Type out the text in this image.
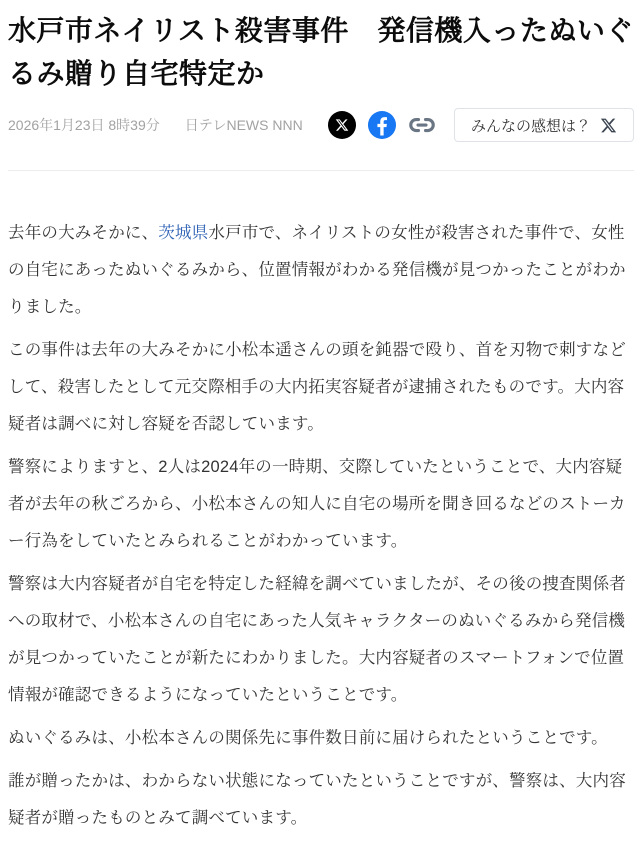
水戸市ネイリスト殺害事件　発信機入ったぬいぐるみ贈り自宅特定か
2026年1月23日 8時39分 日テレNEWS NNN	みんなの感想は？

去年の大みそかに、茨城県水戸市で、ネイリストの女性が殺害された事件で、女性の自宅にあったぬいぐるみから、位置情報がわかる発信機が見つかったことがわかりました。

この事件は去年の大みそかに小松本遥さんの頭を鈍器で殴り、首を刃物で刺すなどして、殺害したとして元交際相手の大内拓実容疑者が逮捕されたものです。大内容疑者は調べに対し容疑を否認しています。

警察によりますと、2人は2024年の一時期、交際していたということで、大内容疑者が去年の秋ごろから、小松本さんの知人に自宅の場所を聞き回るなどのストーカー行為をしていたとみられることがわかっています。

警察は大内容疑者が自宅を特定した経緯を調べていましたが、その後の捜査関係者への取材で、小松本さんの自宅にあった人気キャラクターのぬいぐるみから発信機が見つかっていたことが新たにわかりました。大内容疑者のスマートフォンで位置情報が確認できるようになっていたということです。

ぬいぐるみは、小松本さんの関係先に事件数日前に届けられたということです。

誰が贈ったかは、わからない状態になっていたということですが、警察は、大内容疑者が贈ったものとみて調べています。
